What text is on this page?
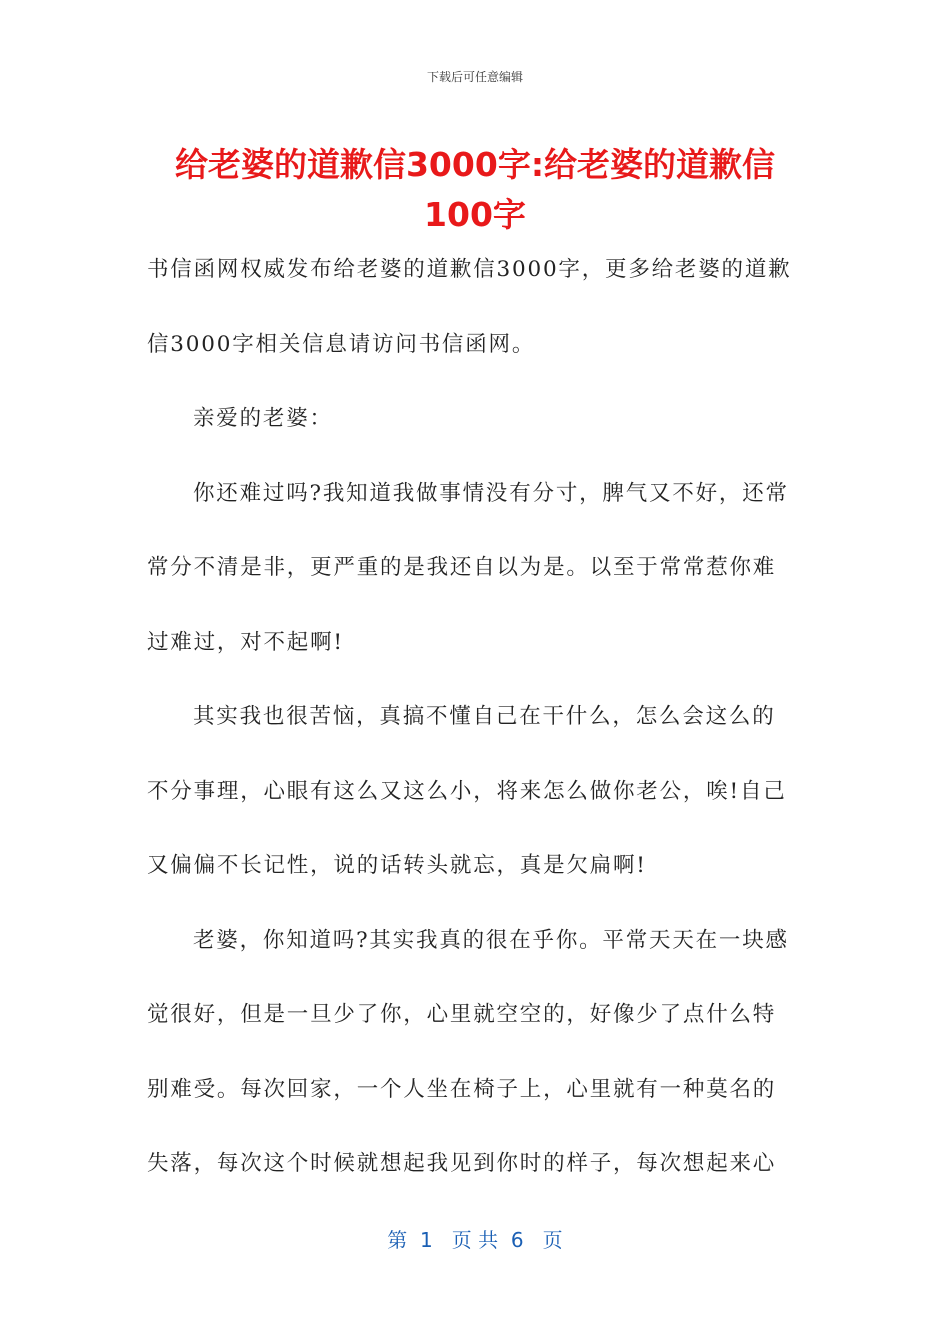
下载后可任意编辑
给老婆的道歉信3000字:给老婆的道歉信
100字
书信函网权威发布给老婆的道歉信3000字，更多给老婆的道歉
信3000字相关信息请访问书信函网。
亲爱的老婆：
你还难过吗?我知道我做事情没有分寸，脾气又不好，还常
常分不清是非，更严重的是我还自以为是。以至于常常惹你难
过难过，对不起啊!
其实我也很苦恼，真搞不懂自己在干什么，怎么会这么的
不分事理，心眼有这么又这么小，将来怎么做你老公，唉!自己
又偏偏不长记性，说的话转头就忘，真是欠扁啊!
老婆，你知道吗?其实我真的很在乎你。平常天天在一块感
觉很好，但是一旦少了你，心里就空空的，好像少了点什么特
别难受。每次回家，一个人坐在椅子上，心里就有一种莫名的
失落，每次这个时候就想起我见到你时的样子，每次想起来心
第  1   页 共  6   页
